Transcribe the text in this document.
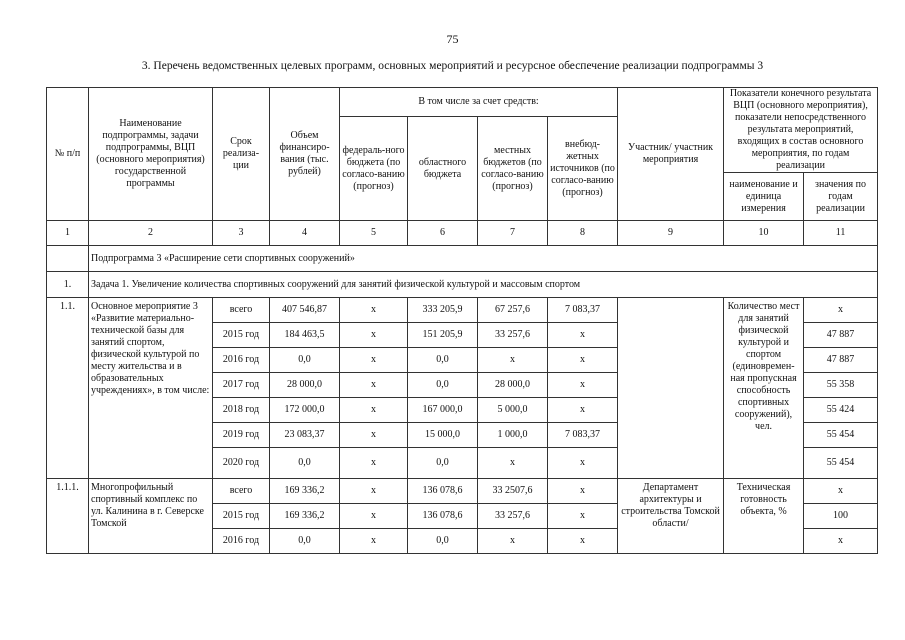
75
3. Перечень ведомственных целевых программ, основных мероприятий и ресурсное обеспечение реализации подпрограммы 3
№ п/п	Наименование подпрограммы, задачи подпрограммы, ВЦП (основного мероприятия) государственной программы	Срок реализа-ции	Объем финансиро-вания (тыс. рублей)	В том числе за счет средств:				Участник/ участник мероприятия	Показатели конечного результата ВЦП (основного мероприятия), показатели непосредственного результата мероприятий, входящих в состав основного мероприятия, по годам реализации	
				федераль-ного бюджета (по согласо-ванию (прогноз)	областного бюджета	местных бюджетов (по согласо-ванию (прогноз)	внебюд-жетных источников (по согласо-ванию (прогноз)			
									наименование и единица измерения	значения по годам реализации
1	2	3	4	5	6	7	8	9	10	11
	Подпрограмма 3 «Расширение сети спортивных сооружений»									
1.	Задача 1. Увеличение количества спортивных сооружений для занятий физической культурой и массовым спортом									
1.1.	Основное мероприятие 3 «Развитие материально-технической базы для занятий спортом, физической культурой по месту жительства и в образовательных учреждениях», в том числе:	всего	407 546,87	x	333 205,9	67 257,6	7 083,37		Количество мест для занятий физической культурой и спортом (единовремен-ная пропускная способность спортивных сооружений), чел.	x
		2015 год	184 463,5	x	151 205,9	33 257,6	x			47 887
		2016 год	0,0	x	0,0	x	x			47 887
		2017 год	28 000,0	x	0,0	28 000,0	x			55 358
		2018 год	172 000,0	x	167 000,0	5 000,0	x			55 424
		2019 год	23 083,37	x	15 000,0	1 000,0	7 083,37			55 454
		2020 год	0,0	x	0,0	x	x			55 454
1.1.1.	Многопрофильный спортивный комплекс по ул. Калинина в г. Северске Томской	всего	169 336,2	x	136 078,6	33 2507,6	x	Департамент архитектуры и строительства Томской области/	Техническая готовность объекта, %	x
		2015 год	169 336,2	x	136 078,6	33 257,6	x			100
		2016 год	0,0	x	0,0	x	x			x
